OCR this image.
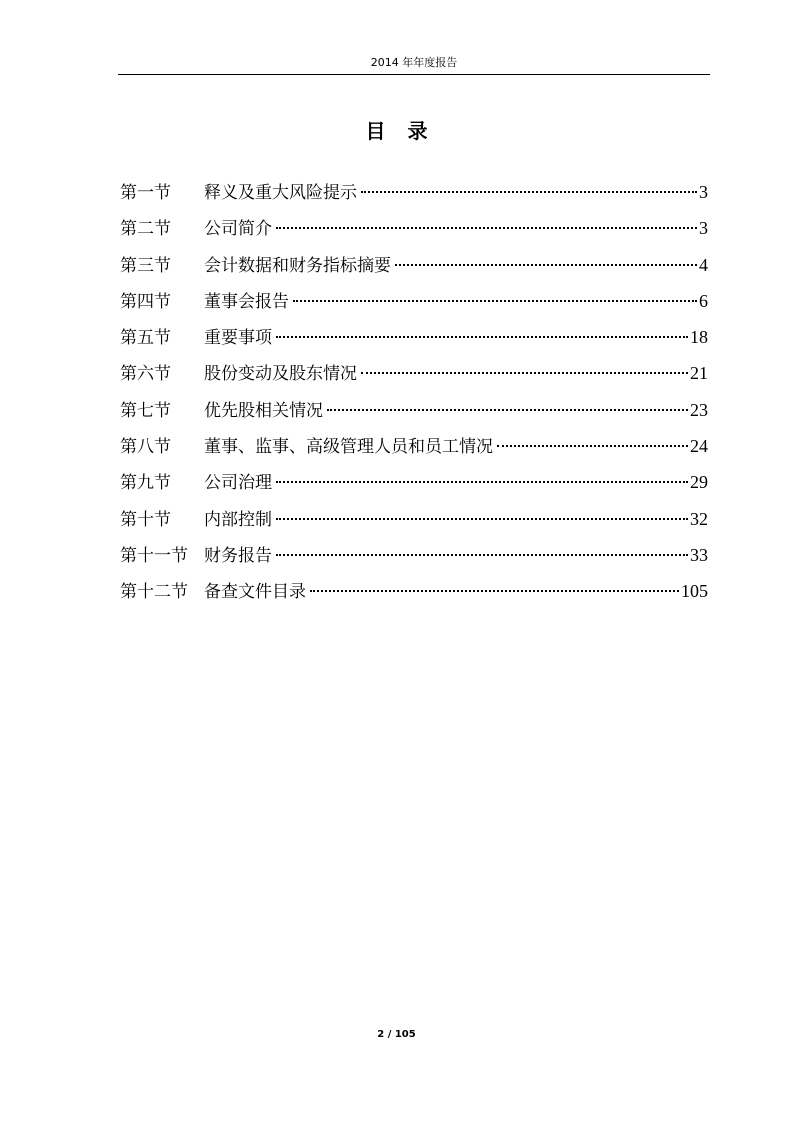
2014 年年度报告
目录
第一节	释义及重大风险提示	3
第二节	公司简介	3
第三节	会计数据和财务指标摘要	4
第四节	董事会报告	6
第五节	重要事项	18
第六节	股份变动及股东情况	21
第七节	优先股相关情况	23
第八节	董事、监事、高级管理人员和员工情况	24
第九节	公司治理	29
第十节	内部控制	32
第十一节 财务报告	33
第十二节 备查文件目录	105
2 / 105
